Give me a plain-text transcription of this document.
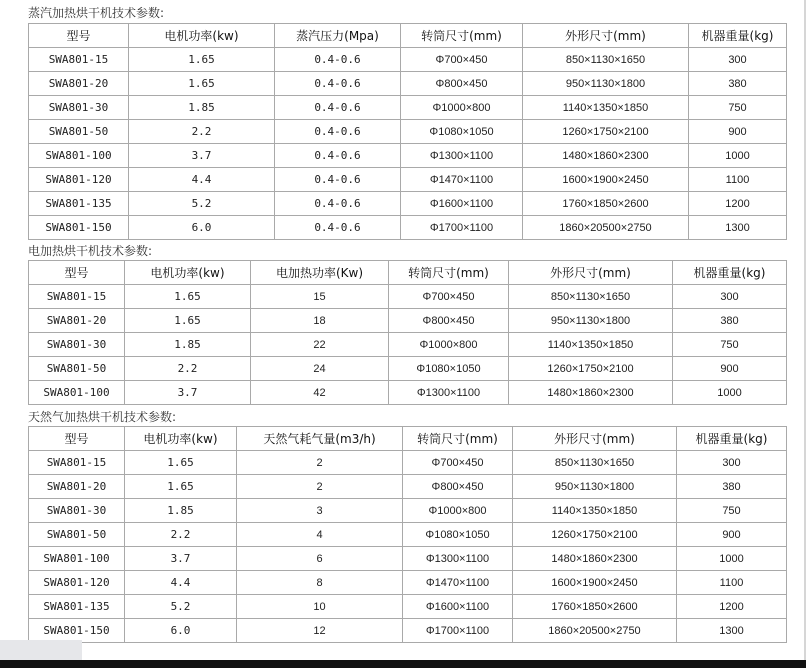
蒸汽加热烘干机技术参数:
型号	电机功率(kw)	蒸汽压力(Mpa)	转筒尺寸(mm)	外形尺寸(mm)	机器重量(kg)
SWA801-15	1.65	0.4-0.6	Φ700×450	850×1130×1650	300
SWA801-20	1.65	0.4-0.6	Φ800×450	950×1130×1800	380
SWA801-30	1.85	0.4-0.6	Φ1000×800	1140×1350×1850	750
SWA801-50	2.2	0.4-0.6	Φ1080×1050	1260×1750×2100	900
SWA801-100	3.7	0.4-0.6	Φ1300×1100	1480×1860×2300	1000
SWA801-120	4.4	0.4-0.6	Φ1470×1100	1600×1900×2450	1100
SWA801-135	5.2	0.4-0.6	Φ1600×1100	1760×1850×2600	1200
SWA801-150	6.0	0.4-0.6	Φ1700×1100	1860×20500×2750	1300
电加热烘干机技术参数:
型号	电机功率(kw)	电加热功率(Kw)	转筒尺寸(mm)	外形尺寸(mm)	机器重量(kg)
SWA801-15	1.65	15	Φ700×450	850×1130×1650	300
SWA801-20	1.65	18	Φ800×450	950×1130×1800	380
SWA801-30	1.85	22	Φ1000×800	1140×1350×1850	750
SWA801-50	2.2	24	Φ1080×1050	1260×1750×2100	900
SWA801-100	3.7	42	Φ1300×1100	1480×1860×2300	1000
天然气加热烘干机技术参数:
型号	电机功率(kw)	天然气耗气量(m3/h)	转筒尺寸(mm)	外形尺寸(mm)	机器重量(kg)
SWA801-15	1.65	2	Φ700×450	850×1130×1650	300
SWA801-20	1.65	2	Φ800×450	950×1130×1800	380
SWA801-30	1.85	3	Φ1000×800	1140×1350×1850	750
SWA801-50	2.2	4	Φ1080×1050	1260×1750×2100	900
SWA801-100	3.7	6	Φ1300×1100	1480×1860×2300	1000
SWA801-120	4.4	8	Φ1470×1100	1600×1900×2450	1100
SWA801-135	5.2	10	Φ1600×1100	1760×1850×2600	1200
SWA801-150	6.0	12	Φ1700×1100	1860×20500×2750	1300
